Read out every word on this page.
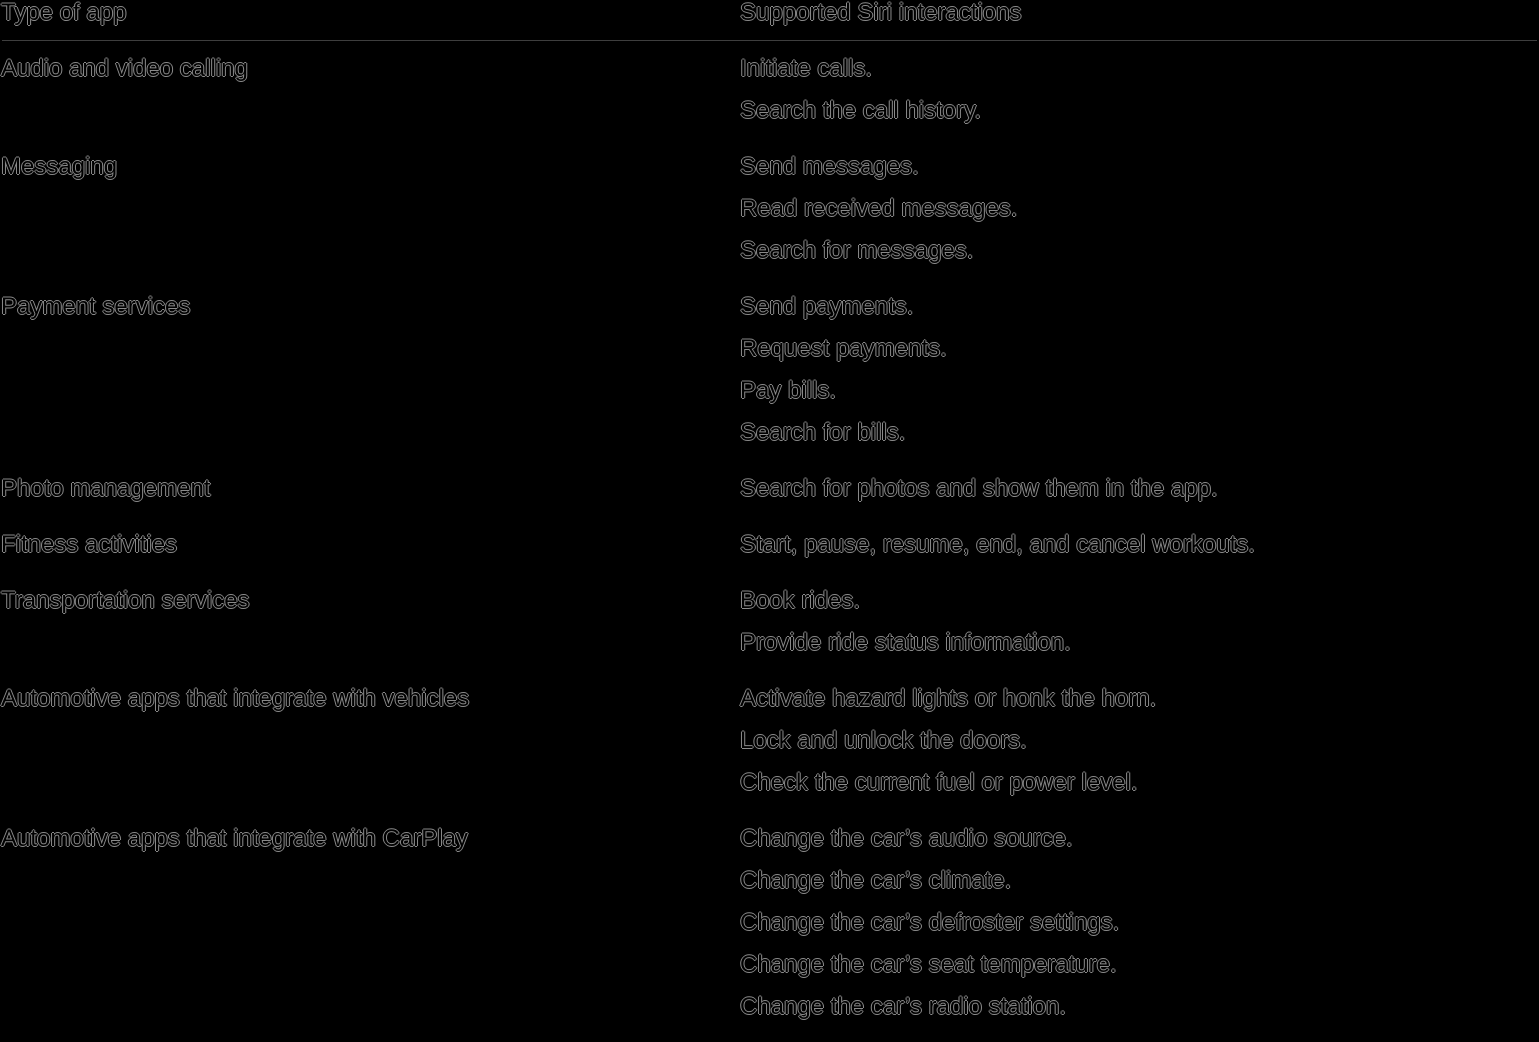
Type of app	Supported Siri interactions
Audio and video calling	Initiate calls.
Search the call history.
Messaging	Send messages.
Read received messages.
Search for messages.
Payment services	Send payments.
Request payments.
Pay bills.
Search for bills.
Photo management	Search for photos and show them in the app.
Fitness activities	Start, pause, resume, end, and cancel workouts.
Transportation services	Book rides.
Provide ride status information.
Automotive apps that integrate with vehicles	Activate hazard lights or honk the horn.
Lock and unlock the doors.
Check the current fuel or power level.
Automotive apps that integrate with CarPlay	Change the car’s audio source.
Change the car’s climate.
Change the car’s defroster settings.
Change the car’s seat temperature.
Change the car’s radio station.
